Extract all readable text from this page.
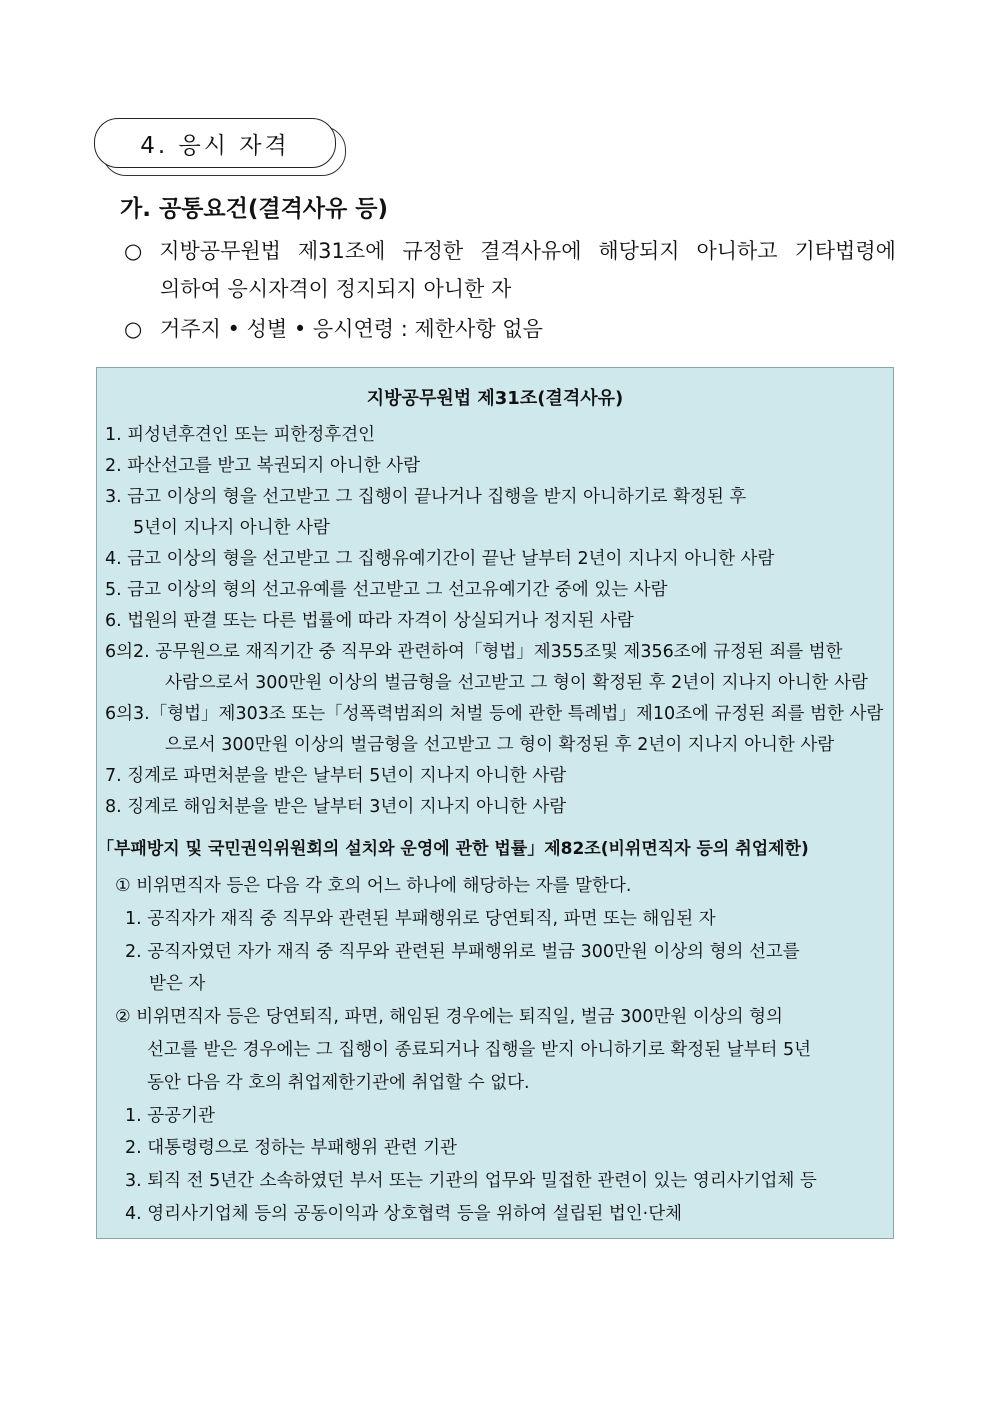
4. 응시 자격
가. 공통요건(결격사유 등)
○ 지방공무원법 제31조에 규정한 결격사유에 해당되지 아니하고 기타법령에
의하여 응시자격이 정지되지 아니한 자
○ 거주지 • 성별 • 응시연령 : 제한사항 없음
지방공무원법 제31조(결격사유)
1. 피성년후견인 또는 피한정후견인
2. 파산선고를 받고 복권되지 아니한 사람
3. 금고 이상의 형을 선고받고 그 집행이 끝나거나 집행을 받지 아니하기로 확정된 후
5년이 지나지 아니한 사람
4. 금고 이상의 형을 선고받고 그 집행유예기간이 끝난 날부터 2년이 지나지 아니한 사람
5. 금고 이상의 형의 선고유예를 선고받고 그 선고유예기간 중에 있는 사람
6. 법원의 판결 또는 다른 법률에 따라 자격이 상실되거나 정지된 사람
6의2. 공무원으로 재직기간 중 직무와 관련하여「형법」제355조및 제356조에 규정된 죄를 범한
사람으로서 300만원 이상의 벌금형을 선고받고 그 형이 확정된 후 2년이 지나지 아니한 사람
6의3.「형법」제303조 또는「성폭력범죄의 처벌 등에 관한 특례법」제10조에 규정된 죄를 범한 사람
으로서 300만원 이상의 벌금형을 선고받고 그 형이 확정된 후 2년이 지나지 아니한 사람
7. 징계로 파면처분을 받은 날부터 5년이 지나지 아니한 사람
8. 징계로 해임처분을 받은 날부터 3년이 지나지 아니한 사람
「부패방지 및 국민권익위원회의 설치와 운영에 관한 법률」제82조(비위면직자 등의 취업제한)
① 비위면직자 등은 다음 각 호의 어느 하나에 해당하는 자를 말한다.
1. 공직자가 재직 중 직무와 관련된 부패행위로 당연퇴직, 파면 또는 해임된 자
2. 공직자였던 자가 재직 중 직무와 관련된 부패행위로 벌금 300만원 이상의 형의 선고를
받은 자
② 비위면직자 등은 당연퇴직, 파면, 해임된 경우에는 퇴직일, 벌금 300만원 이상의 형의
선고를 받은 경우에는 그 집행이 종료되거나 집행을 받지 아니하기로 확정된 날부터 5년
동안 다음 각 호의 취업제한기관에 취업할 수 없다.
1. 공공기관
2. 대통령령으로 정하는 부패행위 관련 기관
3. 퇴직 전 5년간 소속하였던 부서 또는 기관의 업무와 밀접한 관련이 있는 영리사기업체 등
4. 영리사기업체 등의 공동이익과 상호협력 등을 위하여 설립된 법인·단체
